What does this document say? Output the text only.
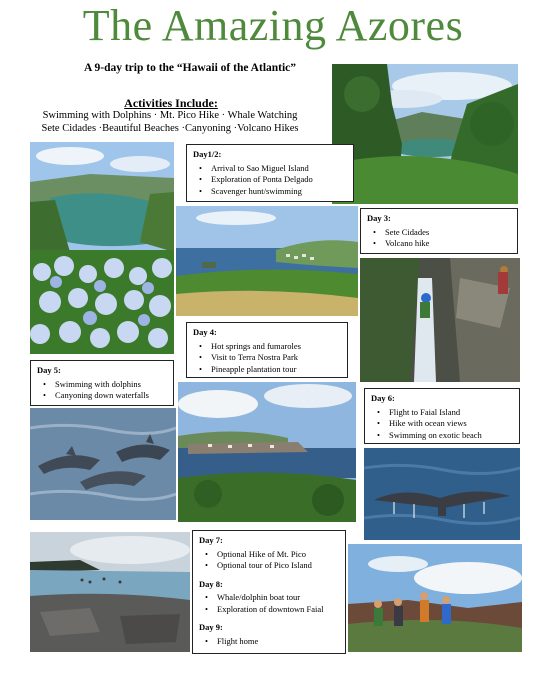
The Amazing Azores
A 9-day trip to the “Hawaii of the Atlantic”
Activities Include:
Swimming with Dolphins · Mt. Pico Hike · Whale Watching
Sete Cidades ·Beautiful Beaches ·Canyoning ·Volcano Hikes
Day1/2:
• Arrival to Sao Miguel Island
• Exploration of Ponta Delgado
• Scavenger hunt/swimming
Day 3:
• Sete Cidades
• Volcano hike
Day 4:
• Hot springs and fumaroles
• Visit to Terra Nostra Park
• Pineapple plantation tour
Day 5:
• Swimming with dolphins
• Canyoning down waterfalls	Day 6:
• Flight to Faial Island
• Hike with ocean views
• Swimming on exotic beach
Day 7:
• Optional Hike of Mt. Pico
• Optional tour of Pico Island
Day 8:
• Whale/dolphin boat tour
• Exploration of downtown Faial
Day 9:
• Flight home
